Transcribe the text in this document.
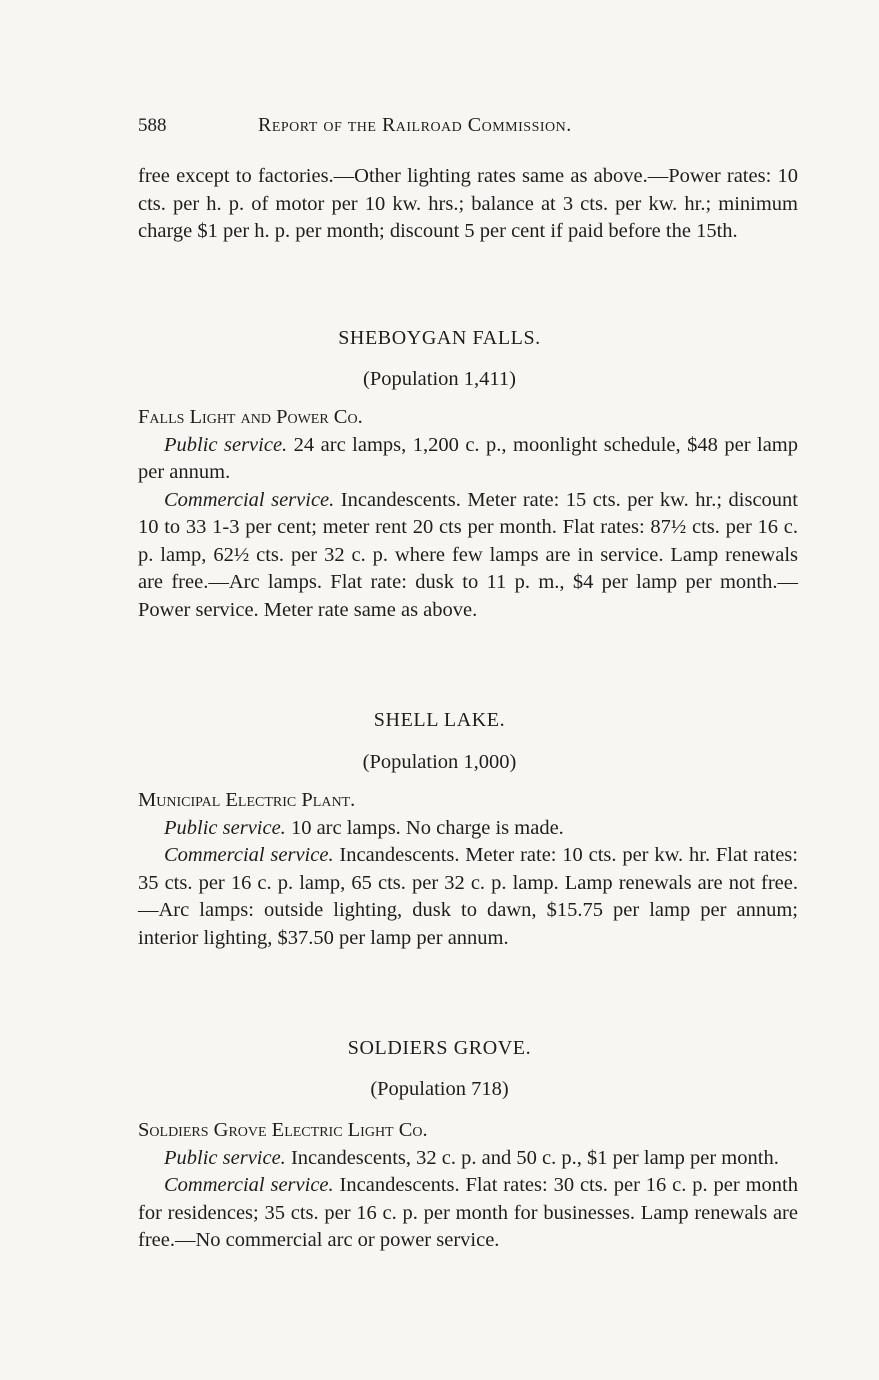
588	Report of the Railroad Commission.

free except to factories.—Other lighting rates same as above.—Power rates: 10 cts. per h. p. of motor per 10 kw. hrs.; balance at 3 cts. per kw. hr.; minimum charge $1 per h. p. per month; discount 5 per cent if paid before the 15th.

SHEBOYGAN FALLS.
(Population 1,411)

Falls Light and Power Co.

Public service. 24 arc lamps, 1,200 c. p., moonlight schedule, $48 per lamp per annum.

Commercial service. Incandescents. Meter rate: 15 cts. per kw. hr.; discount 10 to 33 1-3 per cent; meter rent 20 cts per month. Flat rates: 87½ cts. per 16 c. p. lamp, 62½ cts. per 32 c. p. where few lamps are in service. Lamp renewals are free.—Arc lamps. Flat rate: dusk to 11 p. m., $4 per lamp per month.—Power service. Meter rate same as above.

SHELL LAKE.
(Population 1,000)

Municipal Electric Plant.

Public service. 10 arc lamps. No charge is made.

Commercial service. Incandescents. Meter rate: 10 cts. per kw. hr. Flat rates: 35 cts. per 16 c. p. lamp, 65 cts. per 32 c. p. lamp. Lamp renewals are not free.—Arc lamps: outside lighting, dusk to dawn, $15.75 per lamp per annum; interior lighting, $37.50 per lamp per annum.

SOLDIERS GROVE.
(Population 718)

Soldiers Grove Electric Light Co.

Public service. Incandescents, 32 c. p. and 50 c. p., $1 per lamp per month.

Commercial service. Incandescents. Flat rates: 30 cts. per 16 c. p. per month for residences; 35 cts. per 16 c. p. per month for businesses. Lamp renewals are free.—No commercial arc or power service.
